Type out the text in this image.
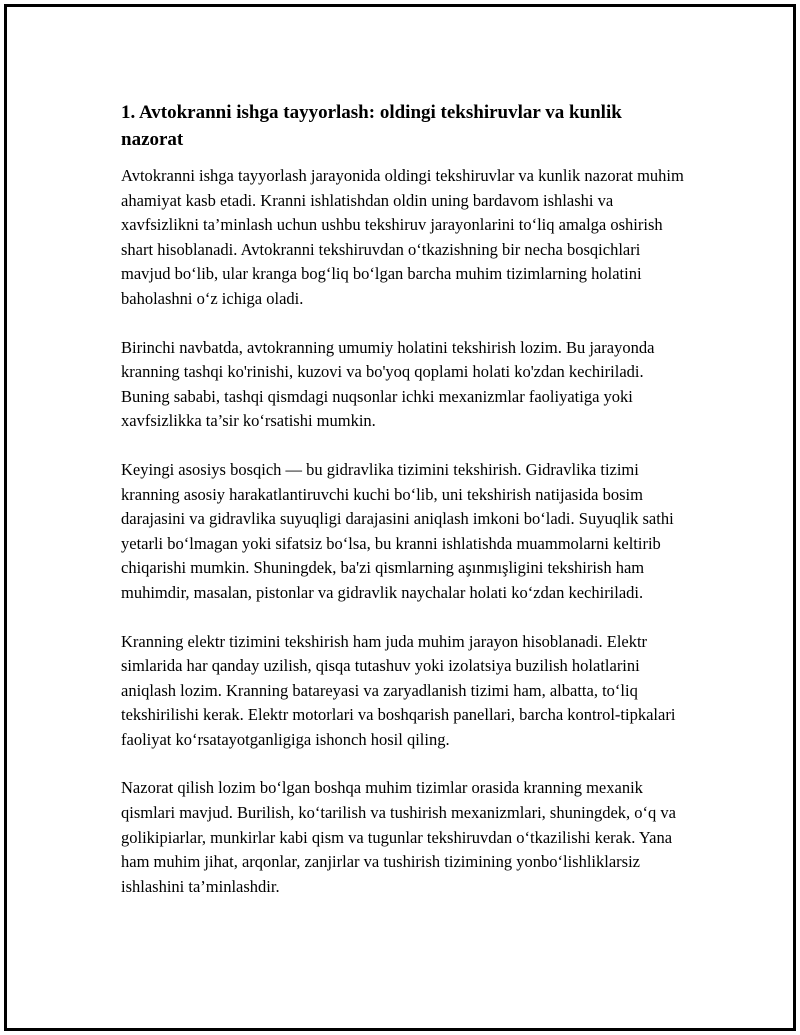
1. Avtokranni ishga tayyorlash: oldingi tekshiruvlar va kunlik nazorat

Avtokranni ishga tayyorlash jarayonida oldingi tekshiruvlar va kunlik nazorat muhim ahamiyat kasb etadi. Kranni ishlatishdan oldin uning bardavom ishlashi va xavfsizlikni ta’minlash uchun ushbu tekshiruv jarayonlarini to‘liq amalga oshirish shart hisoblanadi. Avtokranni tekshiruvdan o‘tkazishning bir necha bosqichlari mavjud bo‘lib, ular kranga bog‘liq bo‘lgan barcha muhim tizimlarning holatini baholashni o‘z ichiga oladi.

Birinchi navbatda, avtokranning umumiy holatini tekshirish lozim. Bu jarayonda kranning tashqi ko'rinishi, kuzovi va bo'yoq qoplami holati ko'zdan kechiriladi. Buning sababi, tashqi qismdagi nuqsonlar ichki mexanizmlar faoliyatiga yoki xavfsizlikka ta’sir ko‘rsatishi mumkin.

Keyingi asosiys bosqich — bu gidravlika tizimini tekshirish. Gidravlika tizimi kranning asosiy harakatlantiruvchi kuchi bo‘lib, uni tekshirish natijasida bosim darajasini va gidravlika suyuqligi darajasini aniqlash imkoni bo‘ladi. Suyuqlik sathi yetarli bo‘lmagan yoki sifatsiz bo‘lsa, bu kranni ishlatishda muammolarni keltirib chiqarishi mumkin. Shuningdek, ba'zi qismlarning aşınmışligini tekshirish ham muhimdir, masalan, pistonlar va gidravlik naychalar holati ko‘zdan kechiriladi.

Kranning elektr tizimini tekshirish ham juda muhim jarayon hisoblanadi. Elektr simlarida har qanday uzilish, qisqa tutashuv yoki izolatsiya buzilish holatlarini aniqlash lozim. Kranning batareyasi va zaryadlanish tizimi ham, albatta, to‘liq tekshirilishi kerak. Elektr motorlari va boshqarish panellari, barcha kontrol-tipkalari faoliyat ko‘rsatayotganligiga ishonch hosil qiling.

Nazorat qilish lozim bo‘lgan boshqa muhim tizimlar orasida kranning mexanik qismlari mavjud. Burilish, ko‘tarilish va tushirish mexanizmlari, shuningdek, o‘q va golikipiarlar, munkirlar kabi qism va tugunlar tekshiruvdan o‘tkazilishi kerak. Yana ham muhim jihat, arqonlar, zanjirlar va tushirish tizimining yonbo‘lishliklarsiz ishlashini ta’minlashdir.
